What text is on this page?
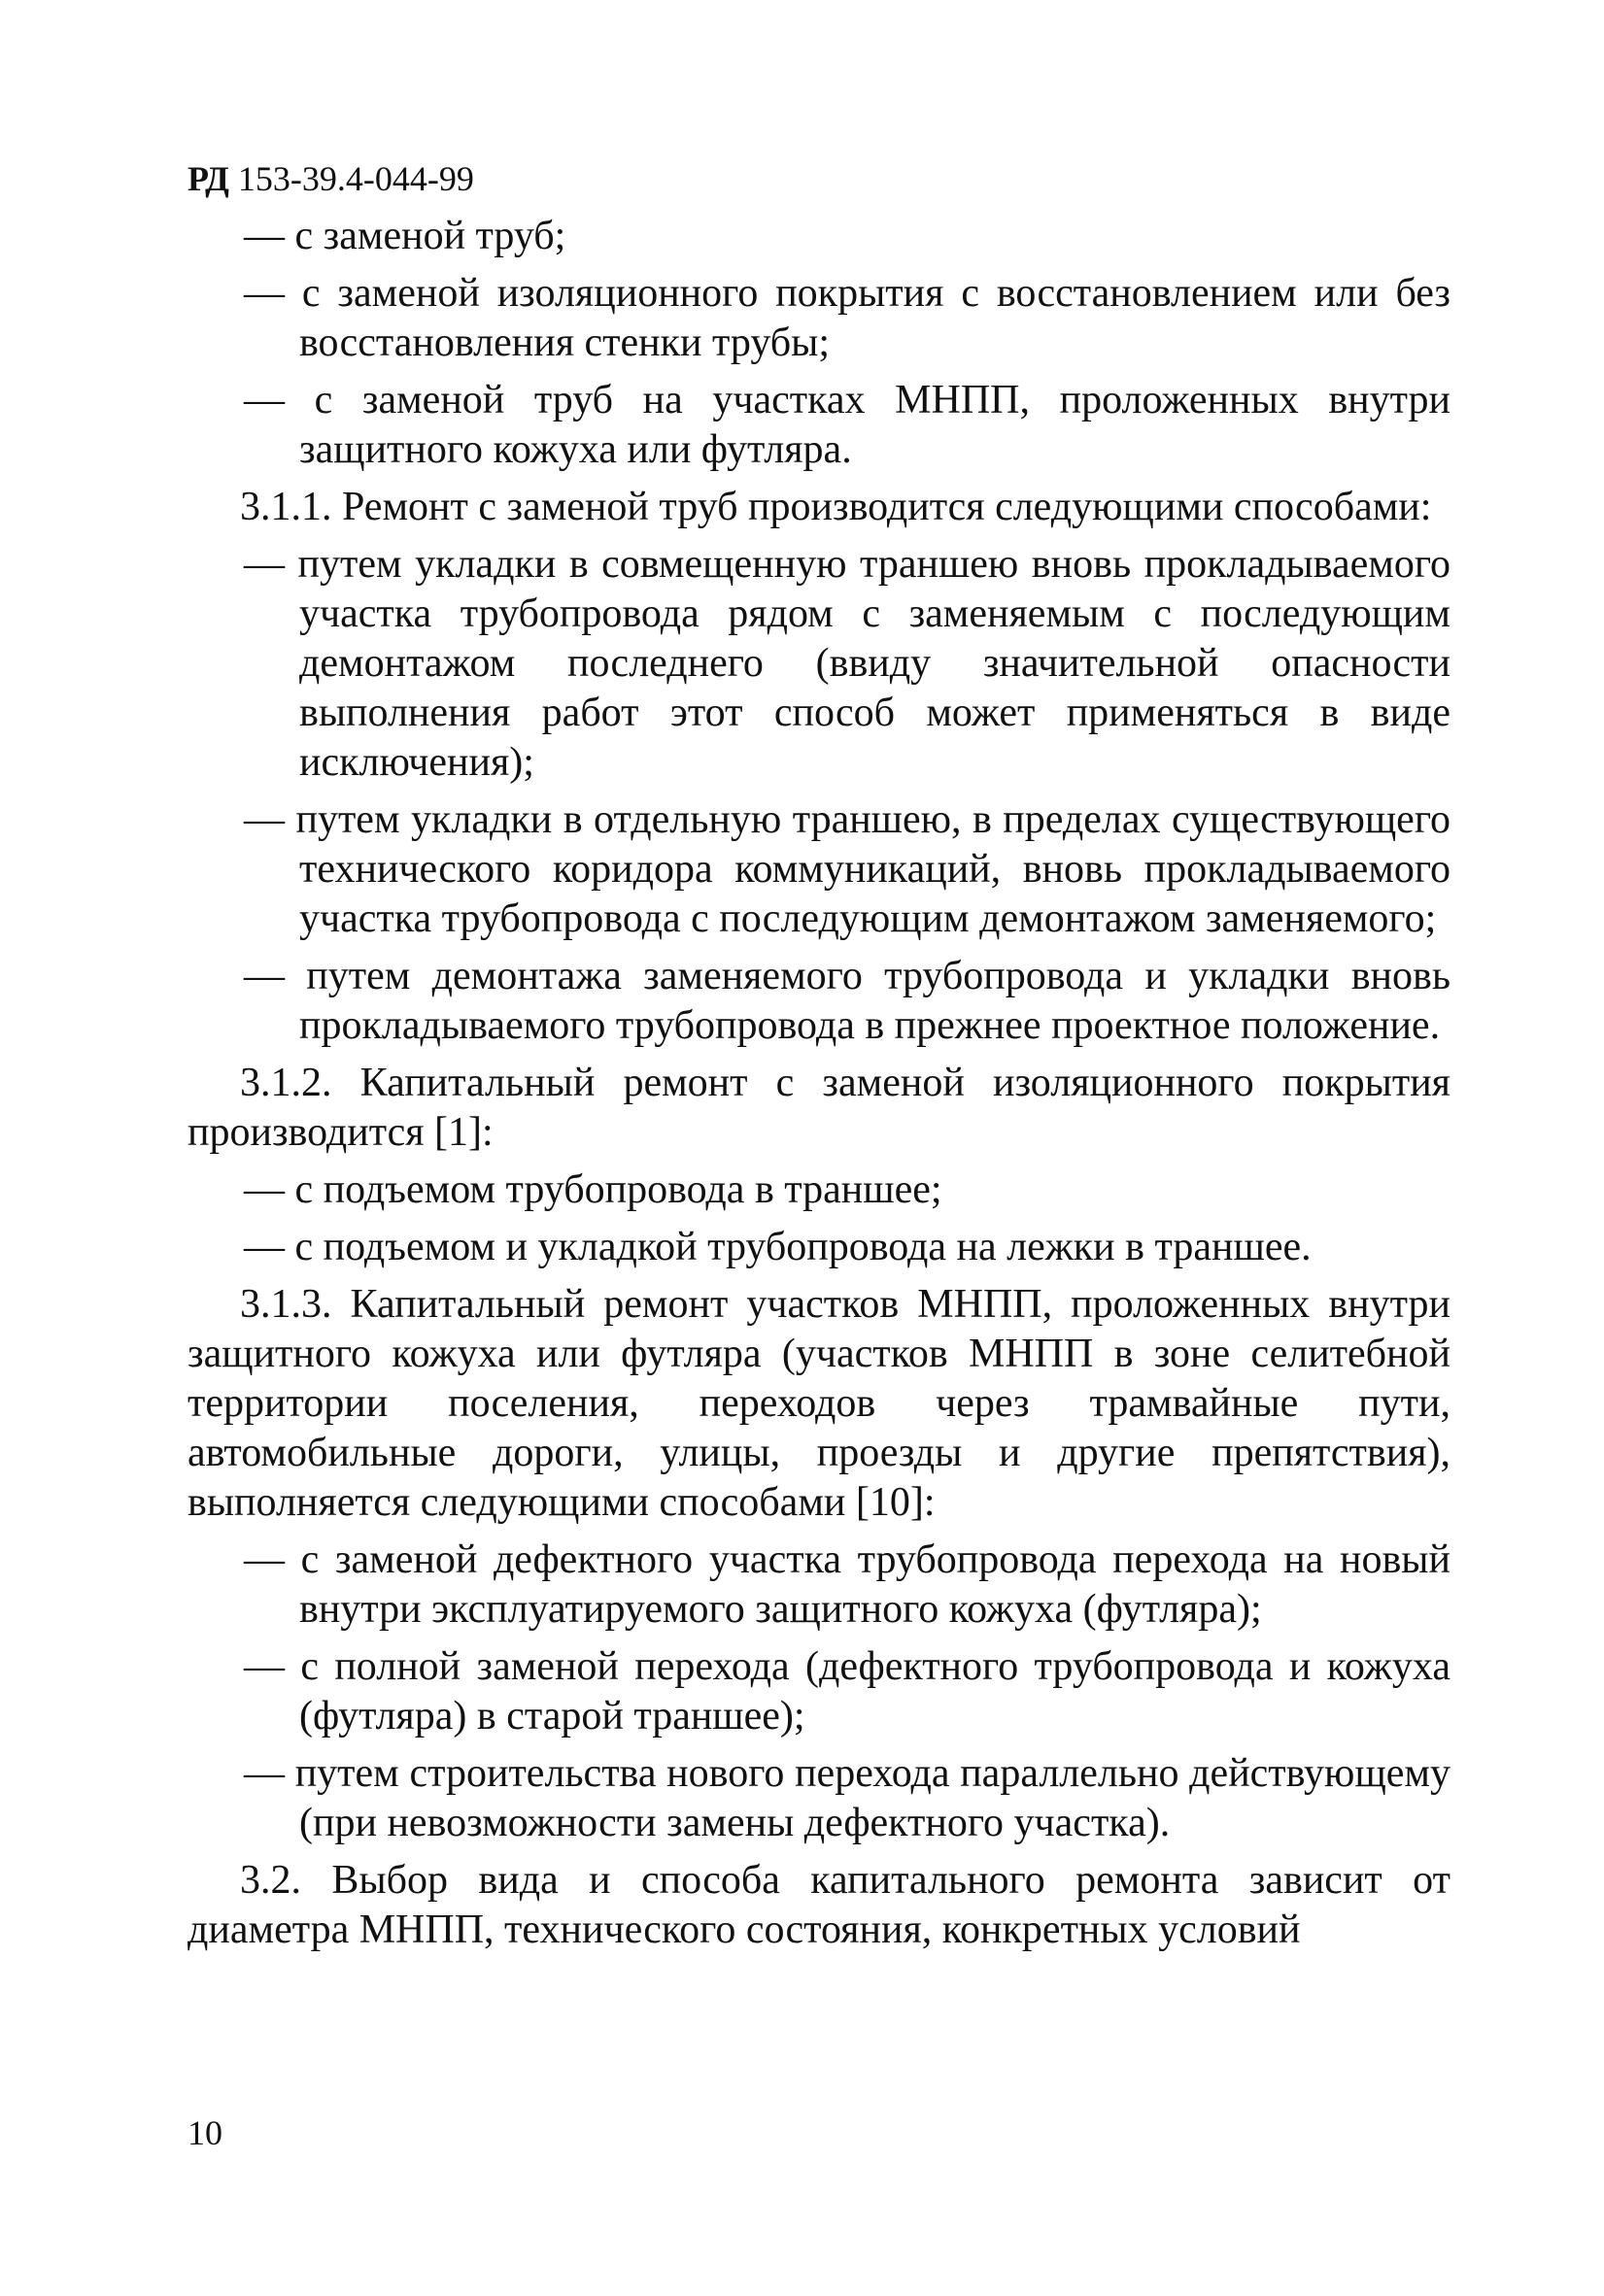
РД 153-39.4-044-99
— с заменой труб;
— с заменой изоляционного покрытия с восстановлением или без восстановления стенки трубы;
— с заменой труб на участках МНПП, проложенных внутри защитного кожуха или футляра.
3.1.1. Ремонт с заменой труб производится следующими способами:
— путем укладки в совмещенную траншею вновь прокладываемого участка трубопровода рядом с заменяемым с последующим демонтажом последнего (ввиду значительной опасности выполнения работ этот способ может применяться в виде исключения);
— путем укладки в отдельную траншею, в пределах существующего технического коридора коммуникаций, вновь прокладываемого участка трубопровода с последующим демонтажом заменяемого;
— путем демонтажа заменяемого трубопровода и укладки вновь прокладываемого трубопровода в прежнее проектное положение.
3.1.2. Капитальный ремонт с заменой изоляционного покрытия производится [1]:
— с подъемом трубопровода в траншее;
— с подъемом и укладкой трубопровода на лежки в траншее.
3.1.3. Капитальный ремонт участков МНПП, проложенных внутри защитного кожуха или футляра (участков МНПП в зоне селитебной территории поселения, переходов через трамвайные пути, автомобильные дороги, улицы, проезды и другие препятствия), выполняется следующими способами [10]:
— с заменой дефектного участка трубопровода перехода на новый внутри эксплуатируемого защитного кожуха (футляра);
— с полной заменой перехода (дефектного трубопровода и кожуха (футляра) в старой траншее);
— путем строительства нового перехода параллельно действующему (при невозможности замены дефектного участка).
3.2. Выбор вида и способа капитального ремонта зависит от диаметра МНПП, технического состояния, конкретных условий
10
